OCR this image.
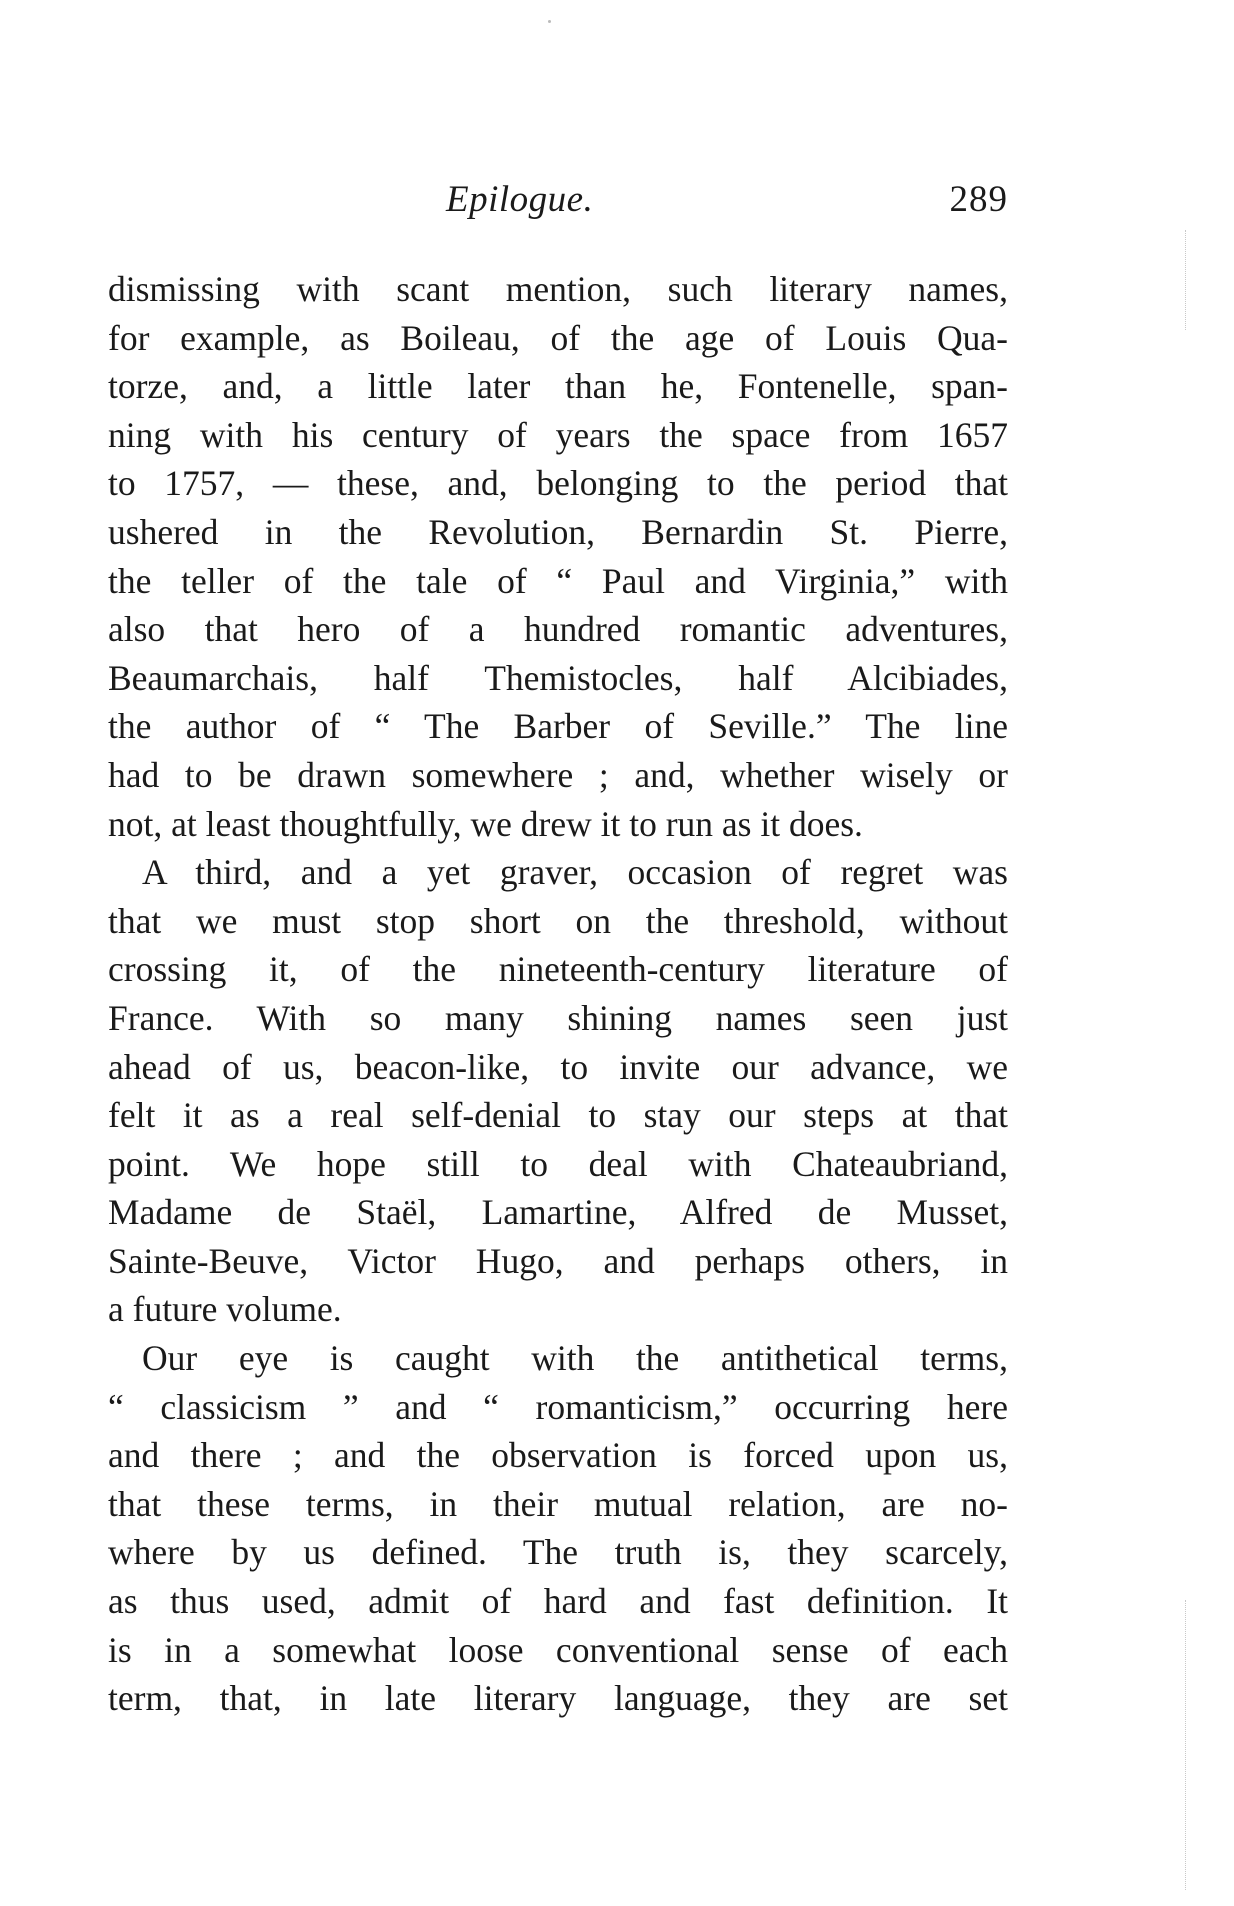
Epilogue.	289
dismissing with scant mention, such literary names,
for example, as Boileau, of the age of Louis Qua-
torze, and, a little later than he, Fontenelle, span-
ning with his century of years the space from 1657
to 1757, — these, and, belonging to the period that
ushered in the Revolution, Bernardin St. Pierre,
the teller of the tale of “ Paul and Virginia,” with
also that hero of a hundred romantic adventures,
Beaumarchais, half Themistocles, half Alcibiades,
the author of “ The Barber of Seville.” The line
had to be drawn somewhere ; and, whether wisely or
not, at least thoughtfully, we drew it to run as it does.
A third, and a yet graver, occasion of regret was
that we must stop short on the threshold, without
crossing it, of the nineteenth-century literature of
France. With so many shining names seen just
ahead of us, beacon-like, to invite our advance, we
felt it as a real self-denial to stay our steps at that
point. We hope still to deal with Chateaubriand,
Madame de Staël, Lamartine, Alfred de Musset,
Sainte-Beuve, Victor Hugo, and perhaps others, in
a future volume.
Our eye is caught with the antithetical terms,
“ classicism ” and “ romanticism,” occurring here
and there ; and the observation is forced upon us,
that these terms, in their mutual relation, are no-
where by us defined. The truth is, they scarcely,
as thus used, admit of hard and fast definition. It
is in a somewhat loose conventional sense of each
term, that, in late literary language, they are set
